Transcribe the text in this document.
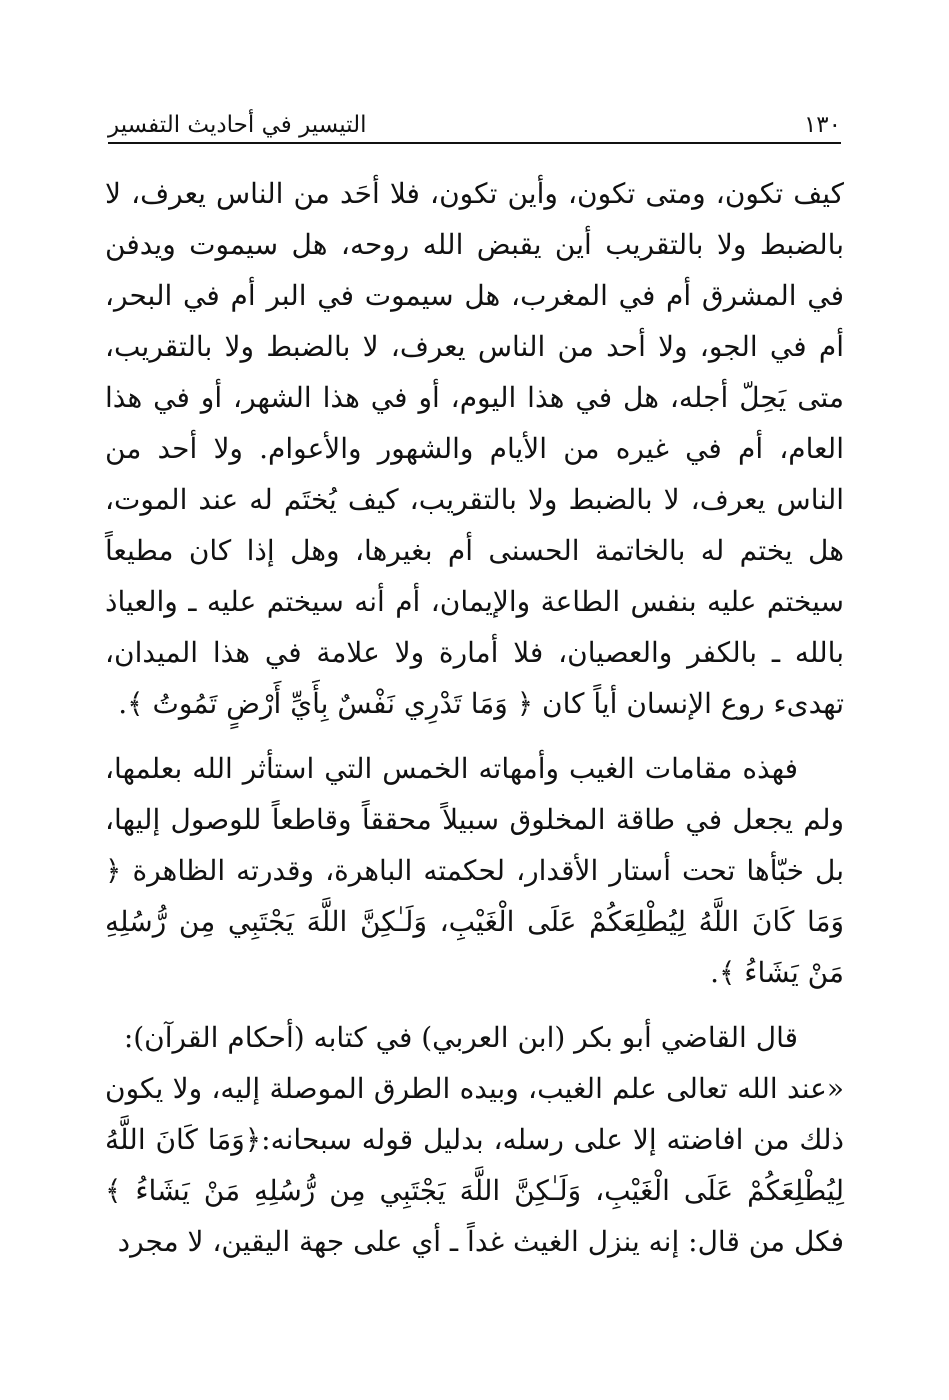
١٣٠
التيسير في أحاديث التفسير

كيف تكون، ومتى تكون، وأين تكون، فلا أحَد من الناس يعرف، لا بالضبط ولا بالتقريب أين يقبض الله روحه، هل سيموت ويدفن في المشرق أم في المغرب، هل سيموت في البر أم في البحر، أم في الجو، ولا أحد من الناس يعرف، لا بالضبط ولا بالتقريب، متى يَحِلّ أجله، هل في هذا اليوم، أو في هذا الشهر، أو في هذا العام، أم في غيره من الأيام والشهور والأعوام. ولا أحد من الناس يعرف، لا بالضبط ولا بالتقريب، كيف يُختَم له عند الموت، هل يختم له بالخاتمة الحسنى أم بغيرها، وهل إذا كان مطيعاً سيختم عليه بنفس الطاعة والإيمان، أم أنه سيختم عليه ـ والعياذ بالله ـ بالكفر والعصيان، فلا أمارة ولا علامة في هذا الميدان، تهدىء روع الإنسان أياً كان ﴿ وَمَا تَدْرِي نَفْسٌ بِأَيِّ أَرْضٍ تَمُوتُ ﴾.

فهذه مقامات الغيب وأمهاته الخمس التي استأثر الله بعلمها، ولم يجعل في طاقة المخلوق سبيلاً محققاً وقاطعاً للوصول إليها، بل خبّأها تحت أستار الأقدار، لحكمته الباهرة، وقدرته الظاهرة ﴿ وَمَا كَانَ اللَّهُ لِيُطْلِعَكُمْ عَلَى الْغَيْبِ، وَلَـٰكِنَّ اللَّهَ يَجْتَبِي مِن رُّسُلِهِ مَنْ يَشَاءُ ﴾.

قال القاضي أبو بكر (ابن العربي) في كتابه (أحكام القرآن):

«عند الله تعالى علم الغيب، وبيده الطرق الموصلة إليه، ولا يكون ذلك من افاضته إلا على رسله، بدليل قوله سبحانه:﴿وَمَا كَانَ اللَّهُ لِيُطْلِعَكُمْ عَلَى الْغَيْبِ، وَلَـٰكِنَّ اللَّهَ يَجْتَبِي مِن رُّسُلِهِ مَنْ يَشَاءُ ﴾ فكل من قال: إنه ينزل الغيث غداً ـ أي على جهة اليقين، لا مجرد
